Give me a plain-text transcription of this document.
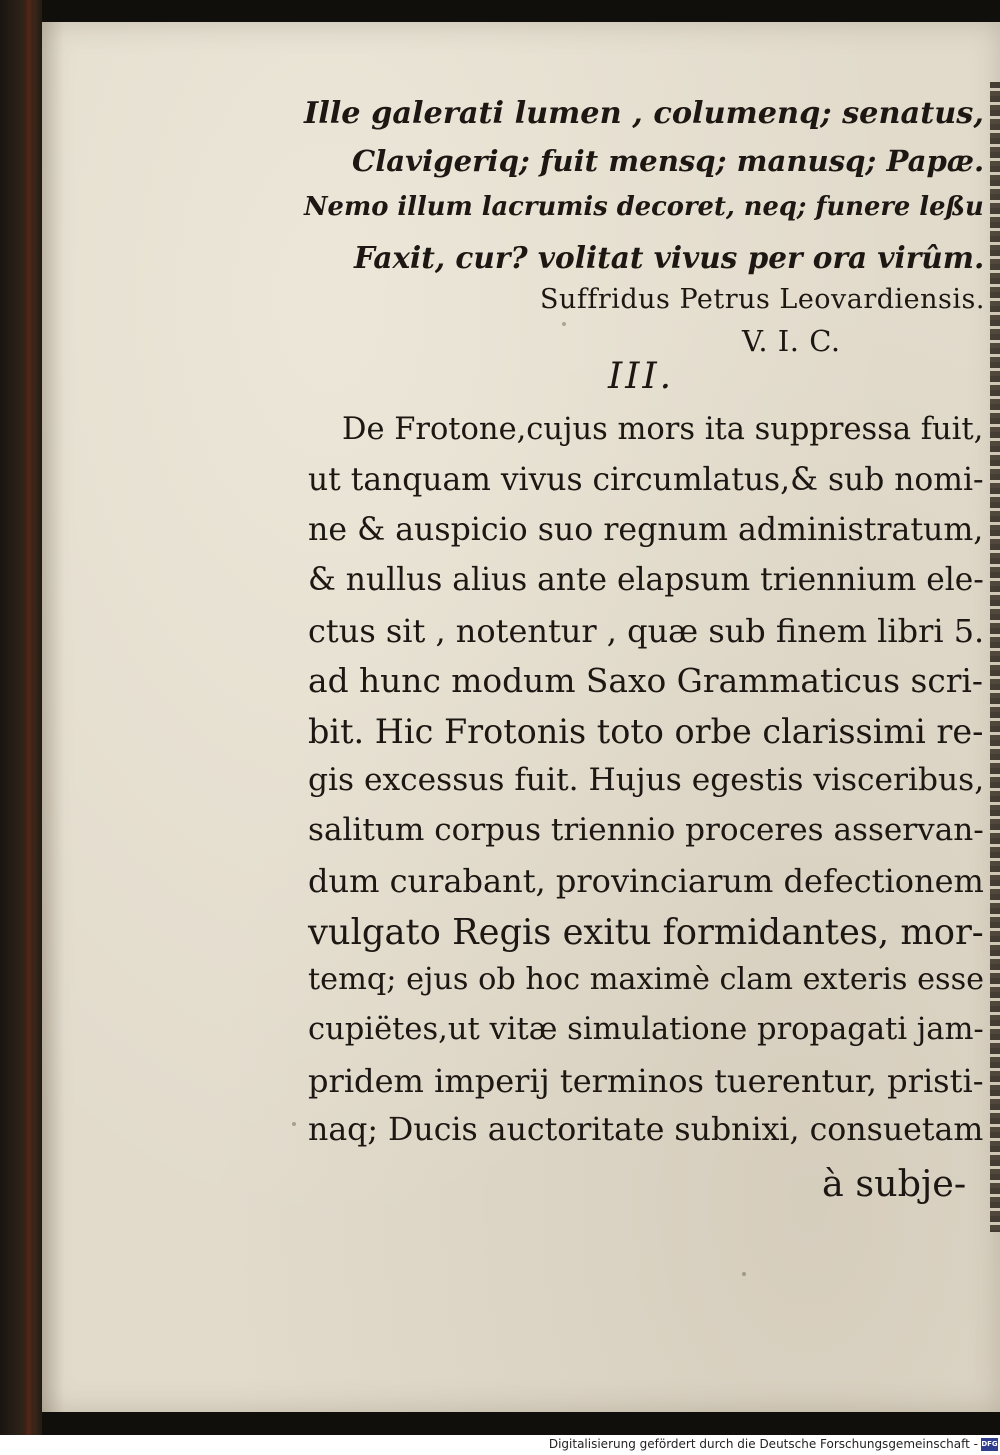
Ille galerati lumen , columenq; senatus,
Clavigeriq; fuit mensq; manusq; Papæ.
Nemo illum lacrumis decoret, neq; funere leßu
Faxit, cur? volitat vivus per ora virûm.
Suffridus Petrus Leovardiensis.
V. I. C.
III.
De Frotone,cujus mors ita suppressa fuit,
ut tanquam vivus circumlatus,& sub nomi-
ne & auspicio suo regnum administratum,
& nullus alius ante elapsum triennium ele-
ctus sit , notentur , quæ sub finem libri 5.
ad hunc modum Saxo Grammaticus scri-
bit. Hic Frotonis toto orbe clarissimi re-
gis excessus fuit. Hujus egestis visceribus,
salitum corpus triennio proceres asservan-
dum curabant, provinciarum defectionem
vulgato Regis exitu formidantes, mor-
temq; ejus ob hoc maximè clam exteris esse
cupiëtes,ut vitæ simulatione propagati jam-
pridem imperij terminos tuerentur, pristi-
naq; Ducis auctoritate subnixi, consuetam
à subje-
Digitalisierung gefördert durch die Deutsche Forschungsgemeinschaft - DFG
